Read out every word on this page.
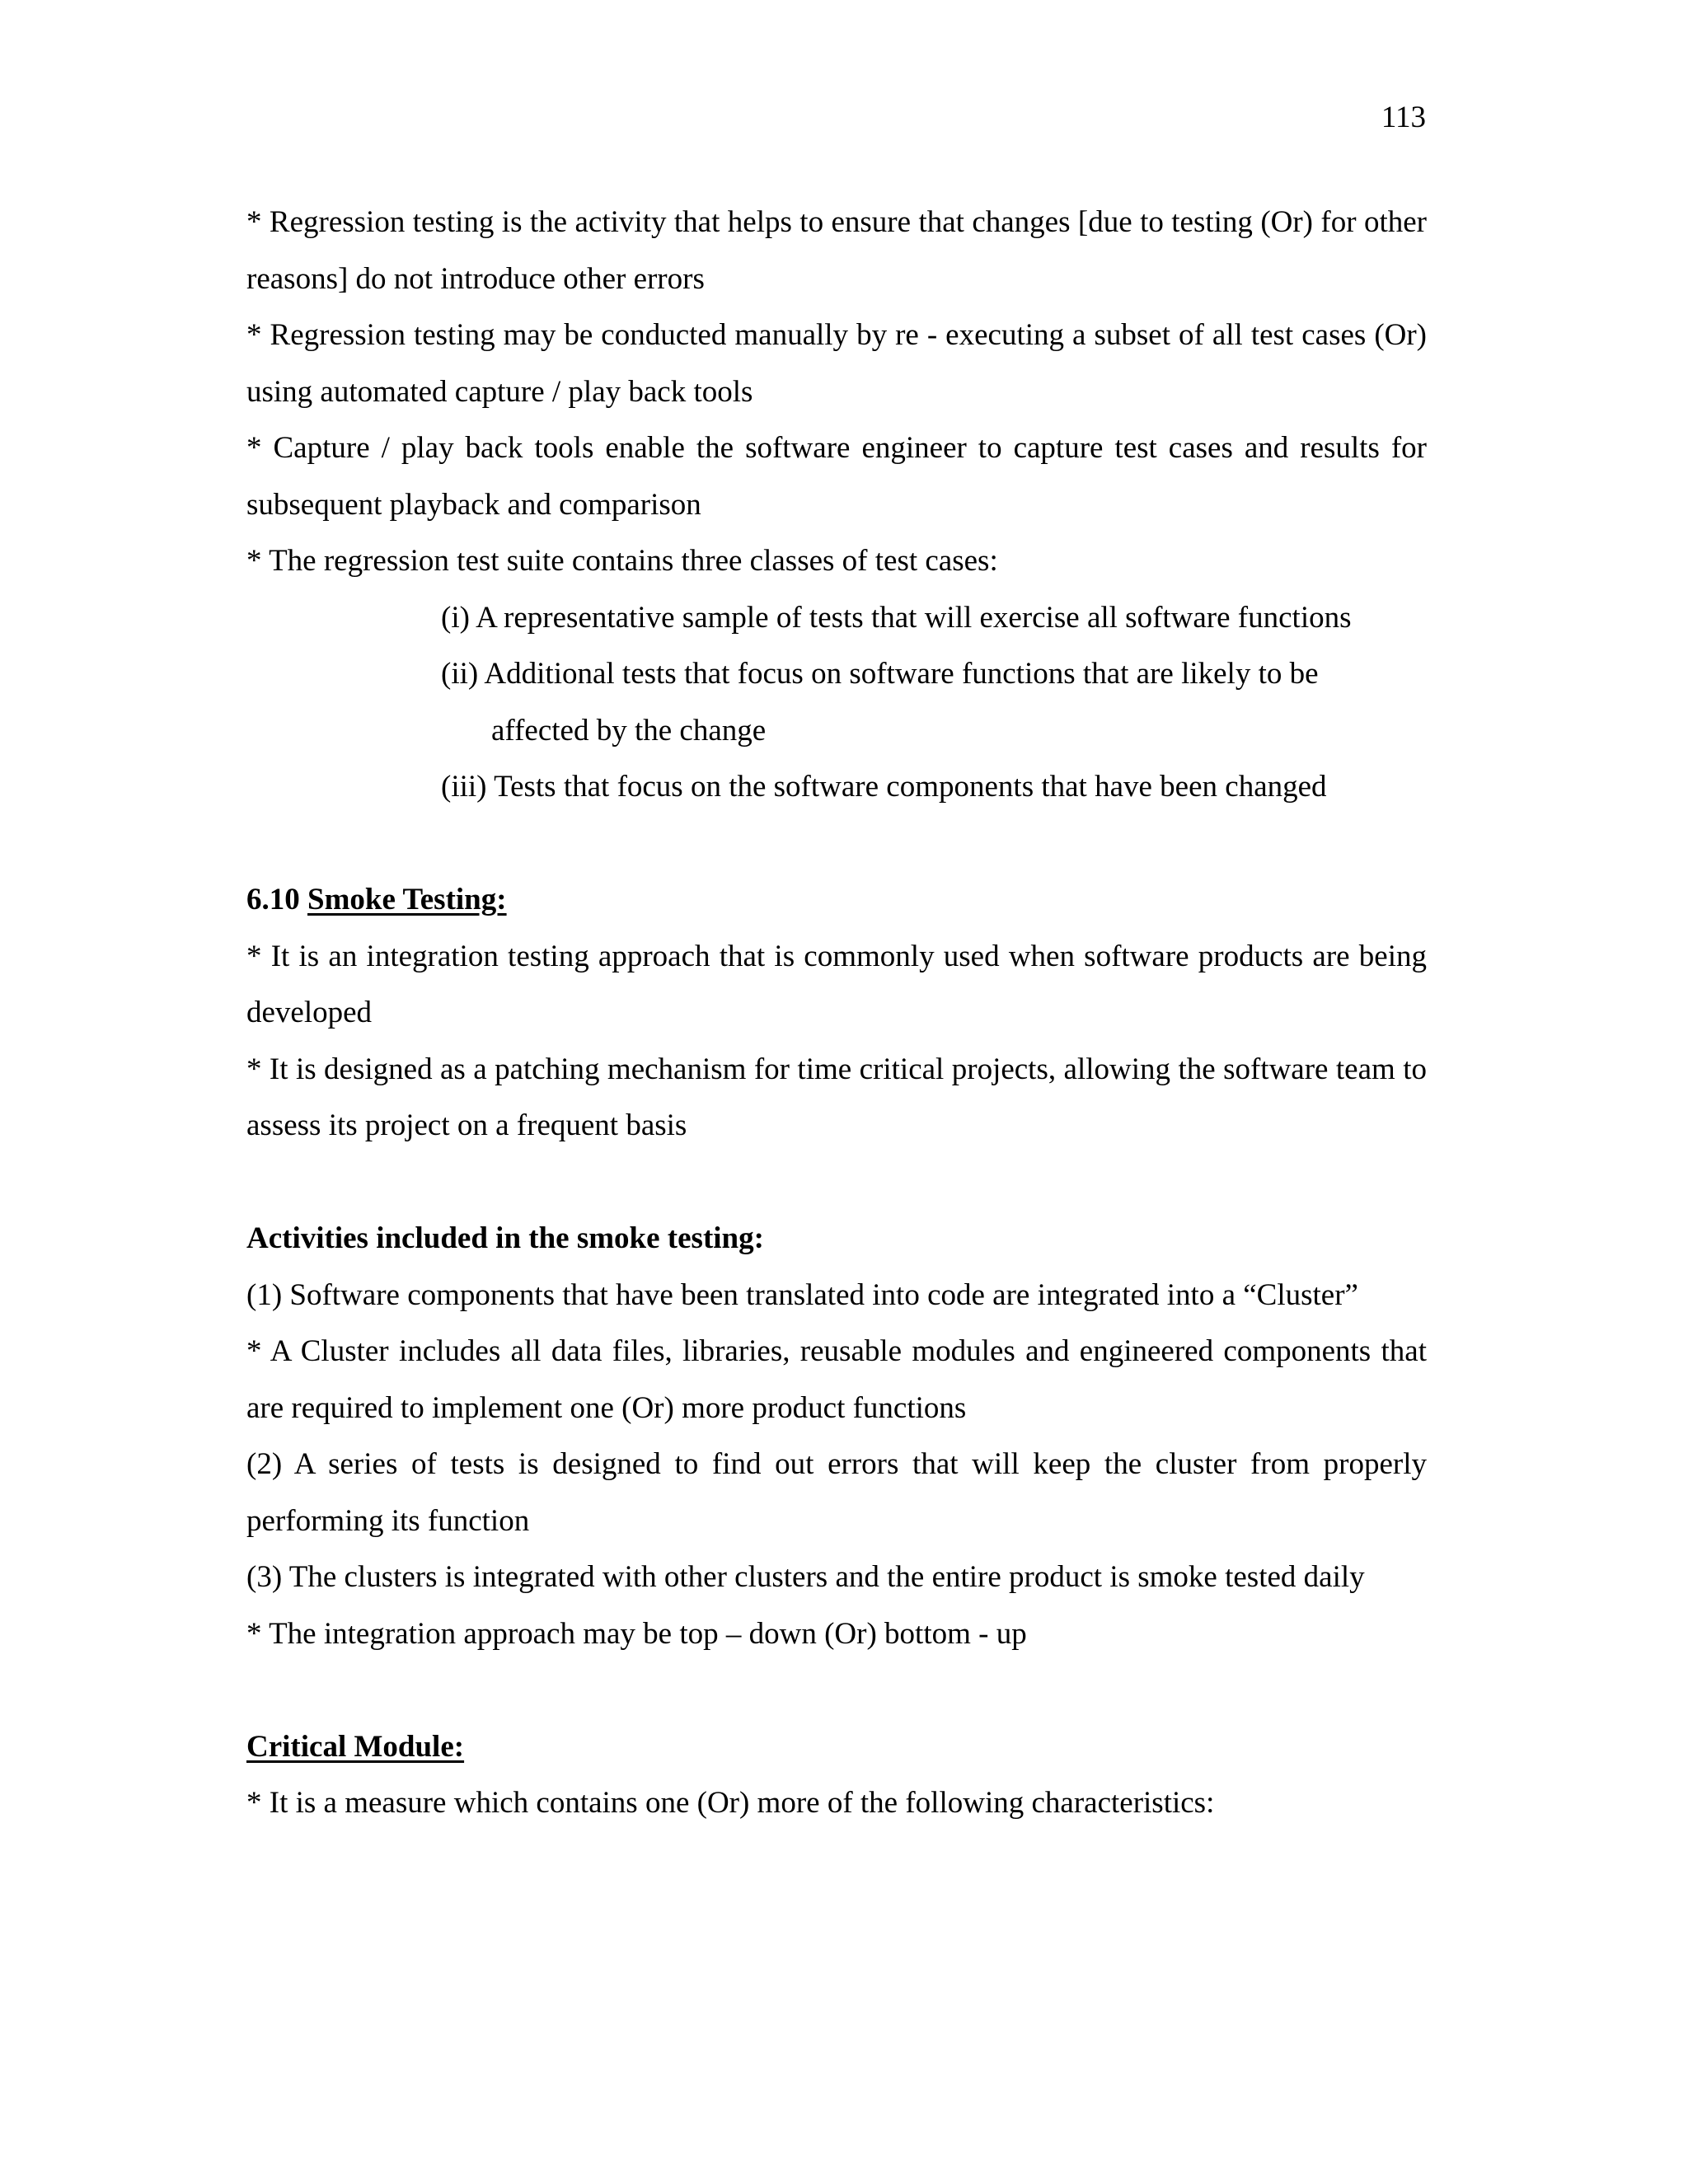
113

* Regression testing is the activity that helps to ensure that changes [due to testing (Or) for other reasons] do not introduce other errors

* Regression testing may be conducted manually by re - executing a subset of all test cases (Or) using automated capture / play back tools

* Capture / play back tools enable the software engineer to capture test cases and results for subsequent playback and comparison

* The regression test suite contains three classes of test cases:

(i) A representative sample of tests that will exercise all software functions

(ii) Additional tests that focus on software functions that are likely to be

affected by the change

(iii) Tests that focus on the software components that have been changed

6.10 Smoke Testing:

* It is an integration testing approach that is commonly used when software products are being developed

* It is designed as a patching mechanism for time critical projects, allowing the software team to assess its project on a frequent basis

Activities included in the smoke testing:

(1) Software components that have been translated into code are integrated into a “Cluster”

* A Cluster includes all data files, libraries, reusable modules and engineered components that are required to implement one (Or) more product functions

(2) A series of tests is designed to find out errors that will keep the cluster from properly performing its function

(3) The clusters is integrated with other clusters and the entire product is smoke tested daily

* The integration approach may be top – down (Or) bottom - up

Critical Module:

* It is a measure which contains one (Or) more of the following characteristics:
